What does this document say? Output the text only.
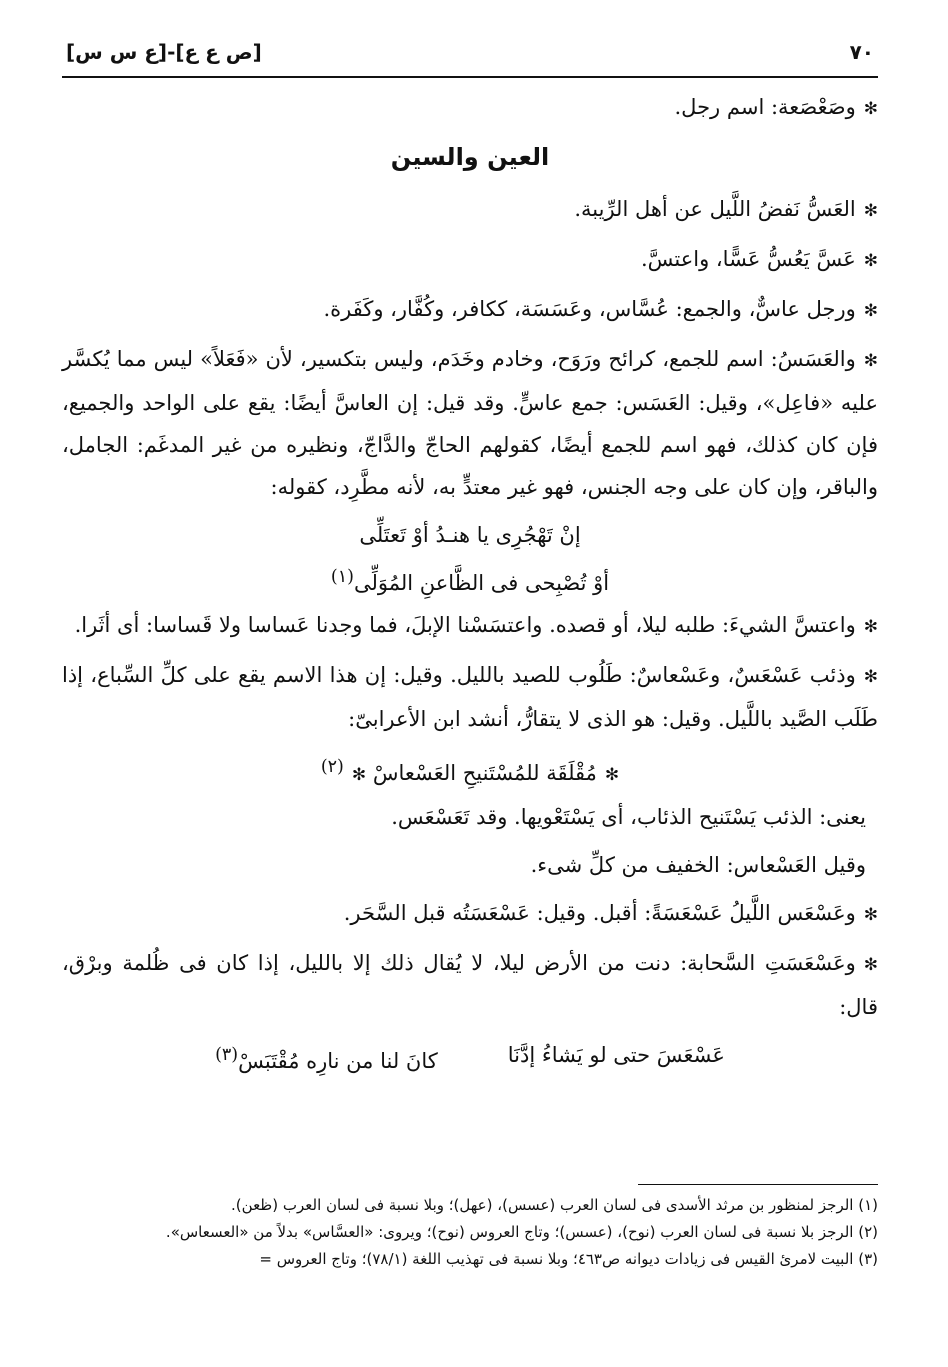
٧٠
[ص ع ع]-[ع س س]

✻وصَعْصَعة: اسم رجل.

العين والسين

✻العَسُّ نَفضُ اللَّيل عن أهل الرِّيبة.

✻عَسَّ يَعُسُّ عَسًّا، واعتسَّ.

✻ورجل عاسٌّ، والجمع: عُسَّاس، وعَسَسَة، ككافر، وكُفَّار، وكَفَرة.

✻والعَسَسُ: اسم للجمع، كرائح ورَوَح، وخادم وخَدَم، وليس بتكسير، لأن «فَعَلاً» ليس مما يُكسَّر عليه «فاعِل»، وقيل: العَسَس: جمع عاسٍّ. وقد قيل: إن العاسَّ أيضًا: يقع على الواحد والجميع، فإن كان كذلك، فهو اسم للجمع أيضًا، كقولهم الحاجّ والدَّاجّ، ونظيره من غير المدغَم: الجامل، والباقر، وإن كان على وجه الجنس، فهو غير معتدٍّ به، لأنه مطَّرِد، كقوله:

إنْ تَهْجُرِى يا هنـدُ أوْ تَعتَلِّى

أوْ تُصْبِحى فى الظَّاعنِ المُوَلِّى$^{(١)}$

✻واعتسَّ الشيءَ: طلبه ليلا، أو قصده. واعتسَسْنا الإبلَ، فما وجدنا عَساسا ولا قَساسا: أى أثَرا.

✻وذئب عَسْعَسٌ، وعَسْعاسٌ: طَلُوب للصيد بالليل. وقيل: إن هذا الاسم يقع على كلِّ السِّباع، إذا طَلَب الصَّيد باللَّيل. وقيل: هو الذى لا يتقارُّ، أنشد ابن الأعرابىّ:

✻مُقْلَقَة للمُسْتَنيحِ العَسْعاسْ ✻$^{(٢)}$

يعنى: الذئب يَسْتَنيح الذئاب، أى يَسْتَعْويها. وقد تَعَسْعَس.

وقيل العَسْعاس: الخفيف من كلِّ شىء.

✻وعَسْعَس اللَّيلُ عَسْعَسَةً: أقبل. وقيل: عَسْعَسَتُه قبل السَّحَر.

✻وعَسْعَسَتِ السَّحابة: دنت من الأرض ليلا، لا يُقال ذلك إلا بالليل، إذا كان فى ظُلمة وبرْق، قال:

عَسْعَسَ حتى لو يَشاءُ إدَّنَا
كانَ لنا من نارِه مُقْتَبَسْ$^{(٣)}$

(١) الرجز لمنظور بن مرثد الأسدى فى لسان العرب (عسس)، (عهل)؛ وبلا نسبة فى لسان العرب (ظعن).

(٢) الرجز بلا نسبة فى لسان العرب (نوح)، (عسس)؛ وتاج العروس (نوح)؛ ويروى: «العسَّاس» بدلاً من «العسعاس».

(٣) البيت لامرئ القيس فى زيادات ديوانه ص٤٦٣؛ وبلا نسبة فى تهذيب اللغة (٧٨/١)؛ وتاج العروس =
